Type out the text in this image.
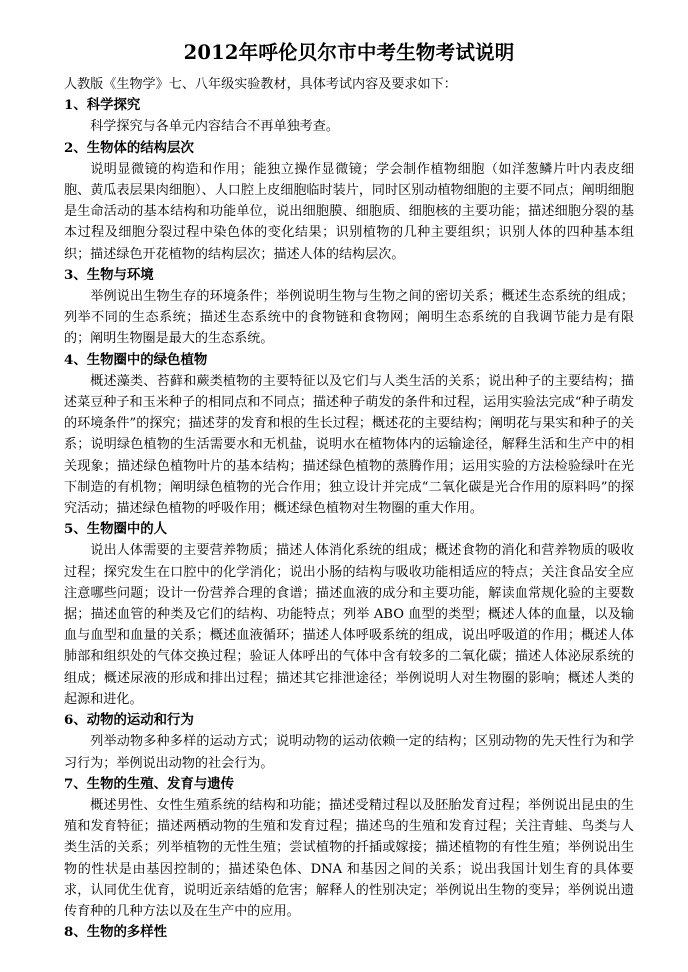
2012年呼伦贝尔市中考生物考试说明

人教版《生物学》七、八年级实验教材，具体考试内容及要求如下：

1、科学探究

科学探究与各单元内容结合不再单独考查。

2、生物体的结构层次

说明显微镜的构造和作用；能独立操作显微镜；学会制作植物细胞（如洋葱鳞片叶内表皮细胞、黄瓜表层果肉细胞）、人口腔上皮细胞临时装片，同时区别动植物细胞的主要不同点；阐明细胞是生命活动的基本结构和功能单位，说出细胞膜、细胞质、细胞核的主要功能；描述细胞分裂的基本过程及细胞分裂过程中染色体的变化结果；识别植物的几种主要组织；识别人体的四种基本组织；描述绿色开花植物的结构层次；描述人体的结构层次。

3、生物与环境

举例说出生物生存的环境条件；举例说明生物与生物之间的密切关系；概述生态系统的组成；列举不同的生态系统；描述生态系统中的食物链和食物网；阐明生态系统的自我调节能力是有限的；阐明生物圈是最大的生态系统。

4、生物圈中的绿色植物

概述藻类、苔藓和蕨类植物的主要特征以及它们与人类生活的关系；说出种子的主要结构；描述菜豆种子和玉米种子的相同点和不同点；描述种子萌发的条件和过程，运用实验法完成“种子萌发的环境条件”的探究；描述芽的发育和根的生长过程；概述花的主要结构；阐明花与果实和种子的关系；说明绿色植物的生活需要水和无机盐，说明水在植物体内的运输途径，解释生活和生产中的相关现象；描述绿色植物叶片的基本结构；描述绿色植物的蒸腾作用；运用实验的方法检验绿叶在光下制造的有机物；阐明绿色植物的光合作用；独立设计并完成“二氧化碳是光合作用的原料吗”的探究活动；描述绿色植物的呼吸作用；概述绿色植物对生物圈的重大作用。

5、生物圈中的人

说出人体需要的主要营养物质；描述人体消化系统的组成；概述食物的消化和营养物质的吸收过程；探究发生在口腔中的化学消化；说出小肠的结构与吸收功能相适应的特点；关注食品安全应注意哪些问题；设计一份营养合理的食谱；描述血液的成分和主要功能，解读血常规化验的主要数据；描述血管的种类及它们的结构、功能特点；列举 ABO 血型的类型；概述人体的血量，以及输血与血型和血量的关系；概述血液循环；描述人体呼吸系统的组成，说出呼吸道的作用；概述人体肺部和组织处的气体交换过程；验证人体呼出的气体中含有较多的二氧化碳；描述人体泌尿系统的组成；概述尿液的形成和排出过程；描述其它排泄途径；举例说明人对生物圈的影响；概述人类的起源和进化。

6、动物的运动和行为

列举动物多种多样的运动方式；说明动物的运动依赖一定的结构；区别动物的先天性行为和学习行为；举例说出动物的社会行为。

7、生物的生殖、发育与遗传

概述男性、女性生殖系统的结构和功能；描述受精过程以及胚胎发育过程；举例说出昆虫的生殖和发育特征；描述两栖动物的生殖和发育过程；描述鸟的生殖和发育过程；关注青蛙、鸟类与人类生活的关系；列举植物的无性生殖；尝试植物的扦插或嫁接；描述植物的有性生殖；举例说出生物的性状是由基因控制的；描述染色体、DNA 和基因之间的关系；说出我国计划生育的具体要求，认同优生优育，说明近亲结婚的危害；解释人的性别决定；举例说出生物的变异；举例说出遗传育种的几种方法以及在生产中的应用。

8、生物的多样性
